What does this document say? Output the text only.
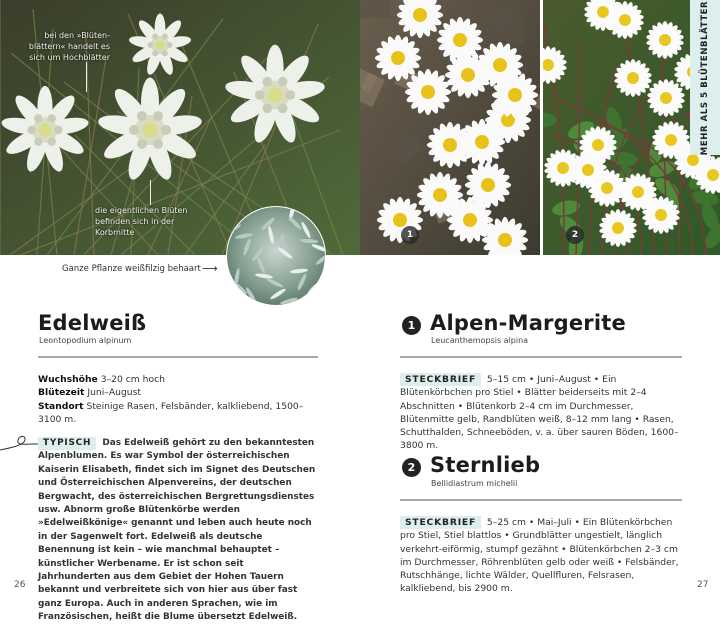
bei den »Blüten-blättern« handelt es sich um Hochblätter
die eigentlichen Blüten befinden sich in der Korbmitte
Ganze Pflanze weißfilzig behaart ⟶
1	2
MEHR ALS 5 BLÜTENBLÄTTER
Edelweiß
Leontopodium alpinum
Wuchshöhe 3–20 cm hoch
Blütezeit Juni–August
Standort Steinige Rasen, Felsbänder, kalkliebend, 1500–3100 m.
TYPISCH Das Edelweiß gehört zu den bekanntesten Alpenblumen. Es war Symbol der österreichischen Kaiserin Elisabeth, findet sich im Signet des Deutschen und Österreichischen Alpenvereins, der deutschen Bergwacht, des österreichischen Bergrettungsdienstes usw. Abnorm große Blütenkörbe werden »Edelweißkönige« genannt und leben auch heute noch in der Sagenwelt fort. Edelweiß als deutsche Benennung ist kein – wie manchmal behauptet – künstlicher Werbename. Er ist schon seit Jahrhunderten aus dem Gebiet der Hohen Tauern bekannt und verbreitete sich von hier aus über fast ganz Europa. Auch in anderen Sprachen, wie im Französischen, heißt die Blume übersetzt Edelweiß.
26
1 Alpen-Margerite
Leucanthemopsis alpina
STECKBRIEF 5–15 cm • Juni–August • Ein Blütenkörbchen pro Stiel • Blätter beiderseits mit 2–4 Abschnitten • Blütenkorb 2–4 cm im Durchmesser, Blütenmitte gelb, Randblüten weiß, 8–12 mm lang • Rasen, Schutthalden, Schneeböden, v. a. über sauren Böden, 1600–3800 m.
2 Sternlieb
Bellidiastrum michelii
STECKBRIEF 5–25 cm • Mai–Juli • Ein Blütenkörbchen pro Stiel, Stiel blattlos • Grundblätter ungestielt, länglich verkehrt-eiförmig, stumpf gezähnt • Blütenkörbchen 2–3 cm im Durchmesser, Röhrenblüten gelb oder weiß • Felsbänder, Rutschhänge, lichte Wälder, Quellfluren, Felsrasen, kalkliebend, bis 2900 m.	27
